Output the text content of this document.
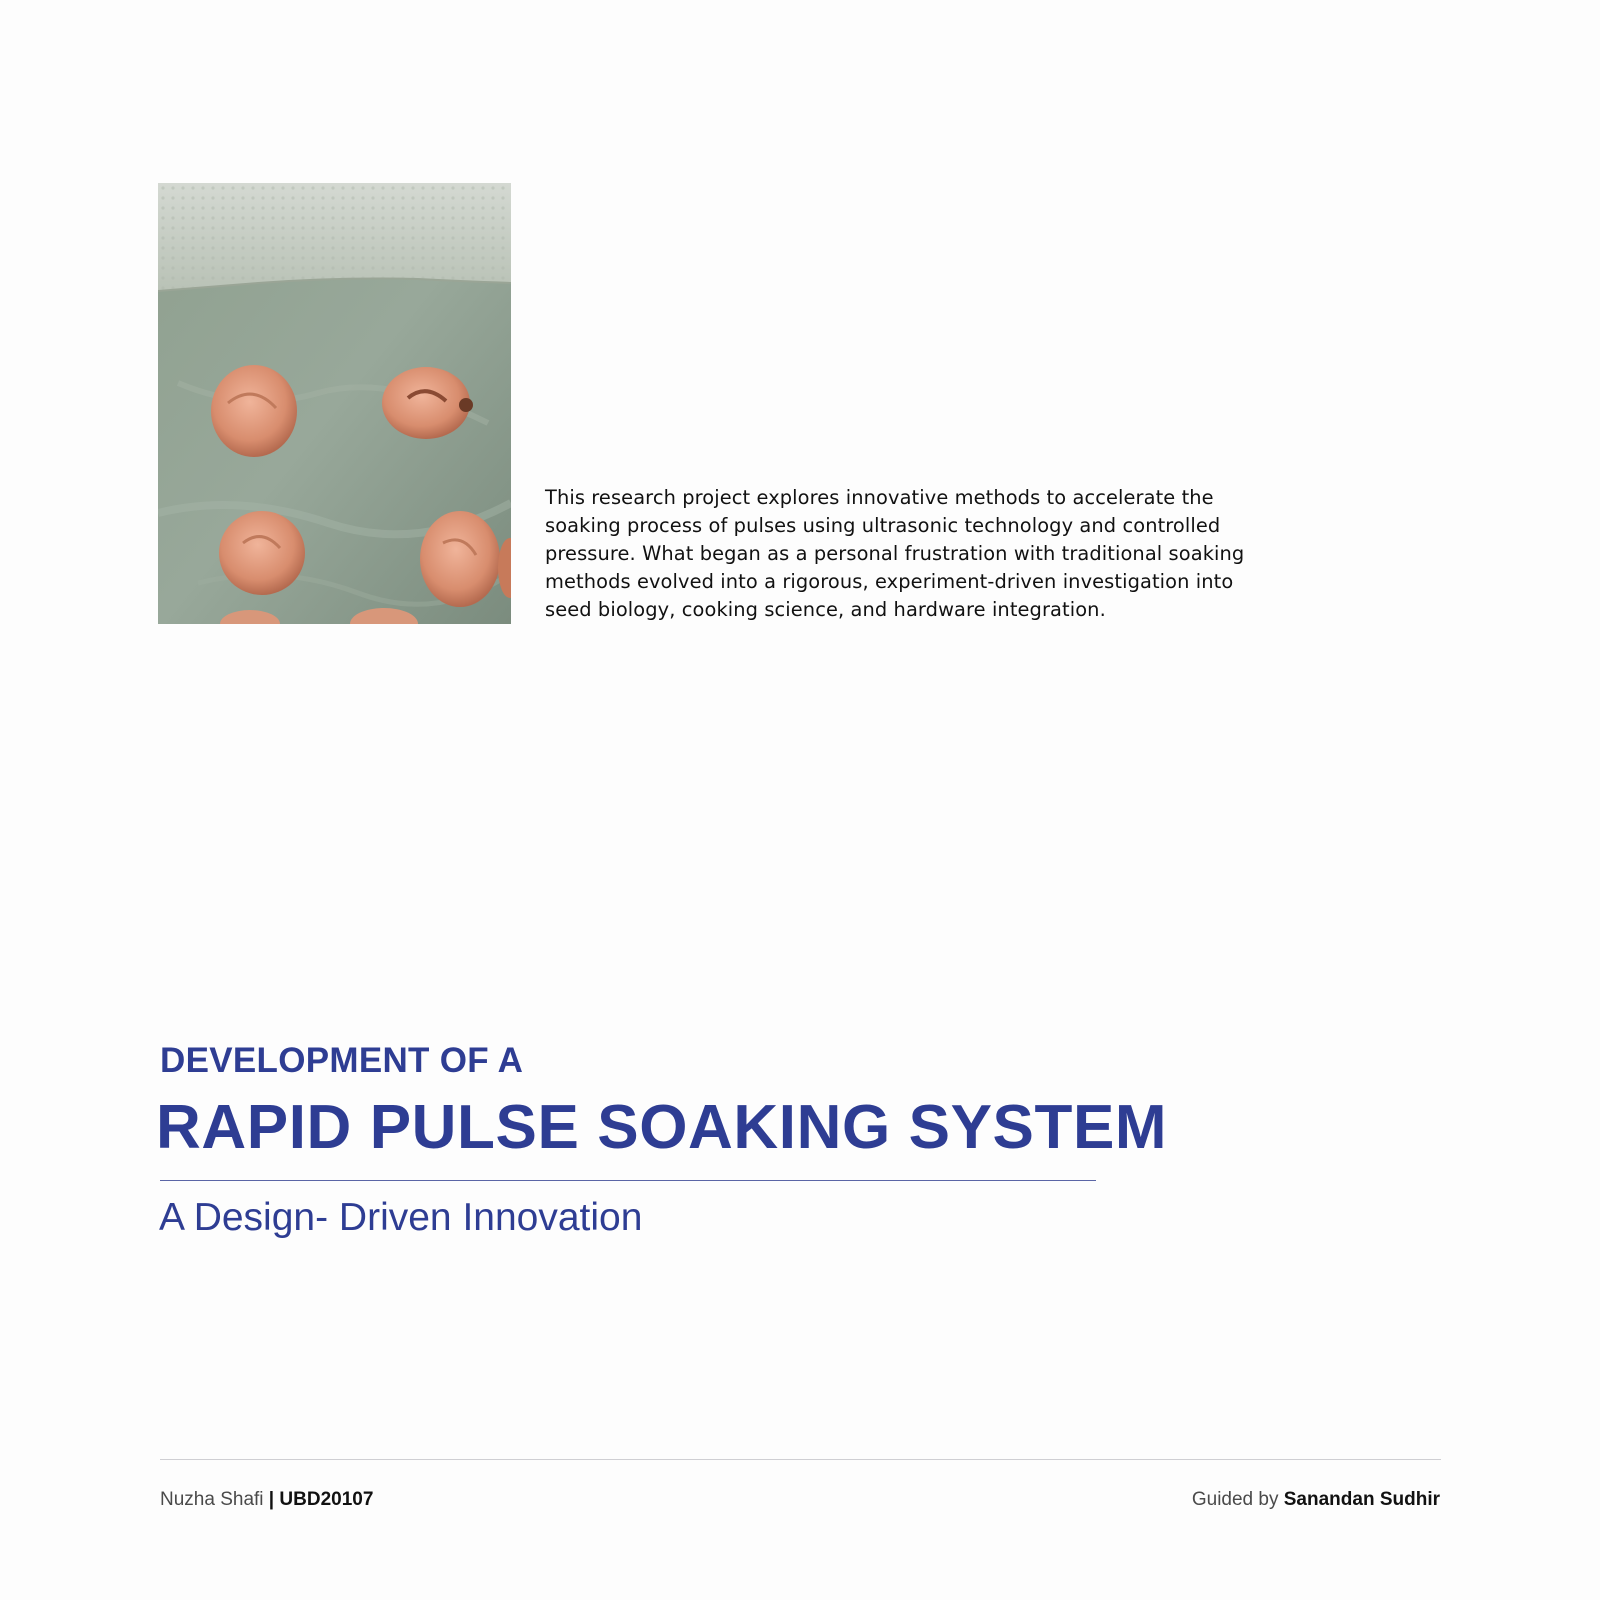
This research project explores innovative methods to accelerate the
soaking process of pulses using ultrasonic technology and controlled
pressure. What began as a personal frustration with traditional soaking
methods evolved into a rigorous, experiment-driven investigation into
seed biology, cooking science, and hardware integration.

DEVELOPMENT OF A
RAPID PULSE SOAKING SYSTEM
A Design- Driven Innovation
Nuzha Shafi | UBD20107	Guided by Sanandan Sudhir
